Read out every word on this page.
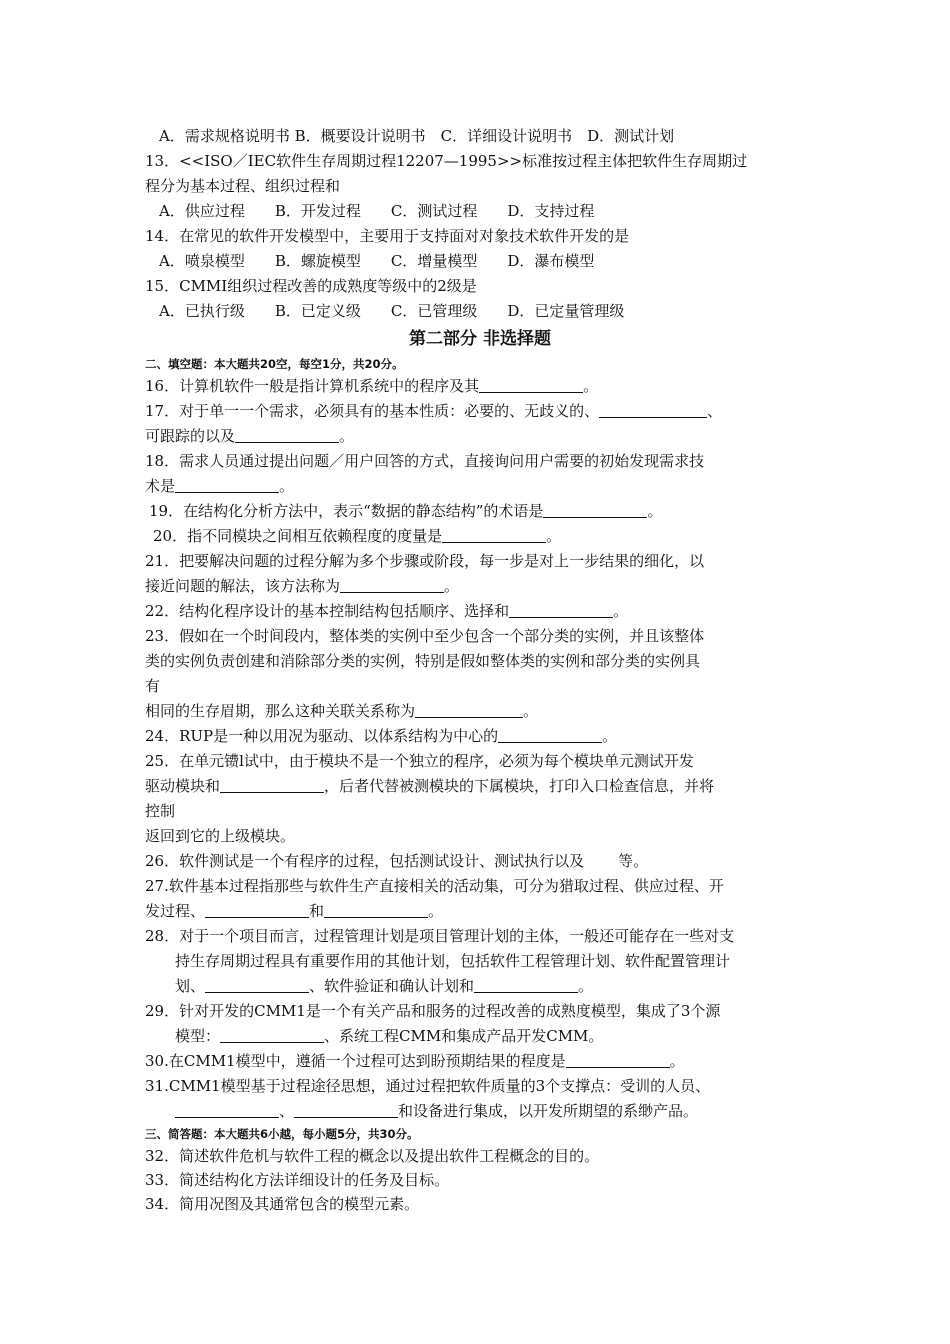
A．需求规格说明书 B．概要设计说明书　C．详细设计说明书　D．测试计划
13．<<ISO／IEC软件生存周期过程12207—1995>>标准按过程主体把软件生存周期过
程分为基本过程、组织过程和
A．供应过程　　B．开发过程　　C．测试过程　　D．支持过程
14．在常见的软件开发模型中，主要用于支持面对对象技术软件开发的是
A．喷泉模型　　B．螺旋模型　　C．增量模型　　D．瀑布模型
15．CMMI组织过程改善的成熟度等级中的2级是
A．已执行级　　B．已定义级　　C．已管理级　　D．已定量管理级
第二部分 非选择题
二、填空题：本大题共20空，每空1分，共20分。
16．计算机软件一般是指计算机系统中的程序及其	。
17．对于单一一个需求，必须具有的基本性质：必要的、无歧义的、	、
可跟踪的以及	。
18．需求人员通过提出问题／用户回答的方式，直接询问用户需要的初始发现需求技
术是	。
19．在结构化分析方法中，表示“数据的静态结构”的术语是	。
20．指不同模块之间相互依赖程度的度量是	。
21．把要解决问题的过程分解为多个步骤或阶段，每一步是对上一步结果的细化，以
接近问题的解法，该方法称为	。
22．结构化程序设计的基本控制结构包括顺序、选择和	。
23．假如在一个时间段内，整体类的实例中至少包含一个部分类的实例，并且该整体
类的实例负责创建和消除部分类的实例，特别是假如整体类的实例和部分类的实例具
有
相同的生存眉期，那么这种关联关系称为	。
24．RUP是一种以用况为驱动、以体系结构为中心的	。
25．在单元镄l试中，由于模块不是一个独立的程序，必须为每个模块单元测试开发
驱动模块和	，后者代替被测模块的下属模块，打印入口检查信息，并将
控制
返回到它的上级模块。
26．软件测试是一个有程序的过程，包括测试设计、测试执行以及 等。
27.软件基本过程指那些与软件生产直接相关的活动集，可分为猎取过程、供应过程、开
发过程、	和	。
28．对于一个项目而言，过程管理计划是项目管理计划的主体，一般还可能存在一些对支
持生存周期过程具有重要作用的其他计划，包括软件工程管理计划、软件配置管理计
划、	、软件验证和确认计划和	。
29．针对开发的CMM1是一个有关产品和服务的过程改善的成熟度模型，集成了3个源
模型：	、系统工程CMM和集成产品开发CMM。
30.在CMM1模型中，遵循一个过程可达到盼预期结果的程度是	。
31.CMM1模型基于过程途径思想，通过过程把软件质量的3个支撑点：受训的人员、
、	和设备进行集成，以开发所期望的系缈产品。
三、简答题：本大题共6小越，每小题5分，共30分。
32．简述软件危机与软件工程的概念以及提出软件工程概念的目的。
33．简述结构化方法详细设计的任务及目标。
34．简用况图及其通常包含的模型元素。
